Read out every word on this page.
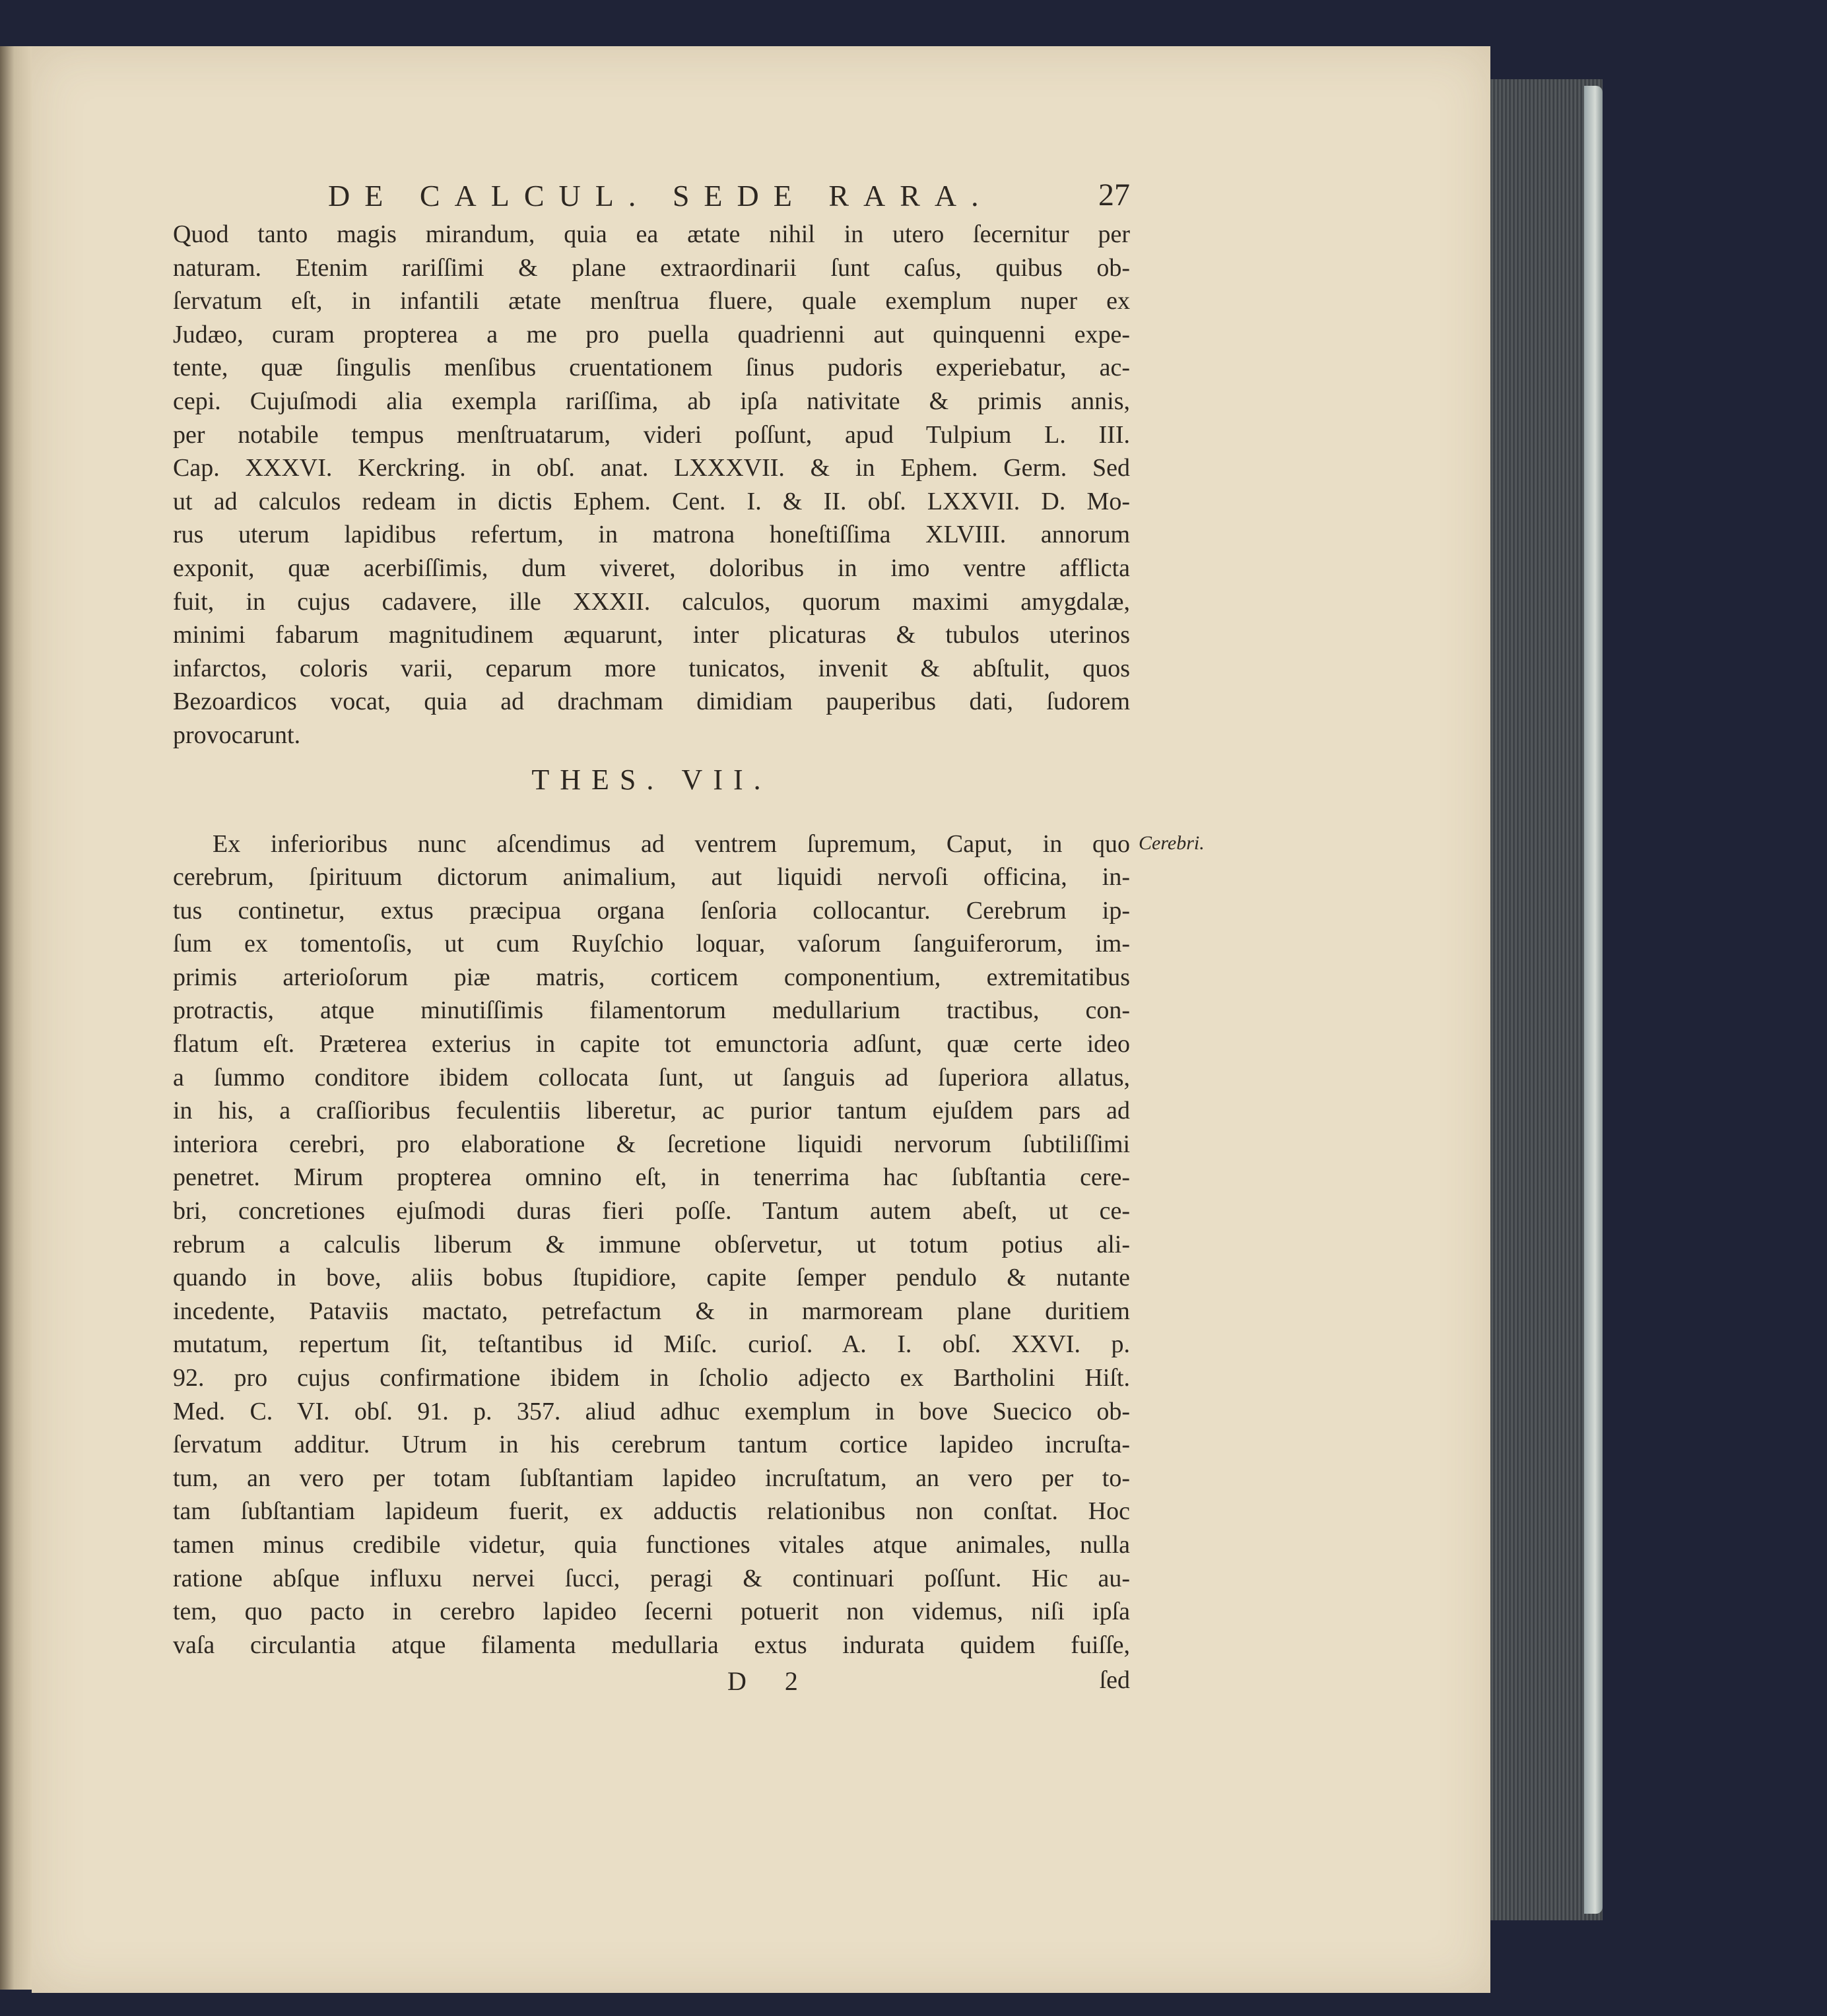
DE CALCUL. SEDE RARA.	27
Quod tanto magis mirandum, quia ea ætate nihil in utero ſecernitur per
naturam. Etenim rariſſimi & plane extraordinarii ſunt caſus, quibus ob-
ſervatum eſt, in infantili ætate menſtrua fluere, quale exemplum nuper ex
Judæo, curam propterea a me pro puella quadrienni aut quinquenni expe-
tente, quæ ſingulis menſibus cruentationem ſinus pudoris experiebatur, ac-
cepi. Cujuſmodi alia exempla rariſſima, ab ipſa nativitate & primis annis,
per notabile tempus menſtruatarum, videri poſſunt, apud Tulpium L. III.
Cap. XXXVI. Kerckring. in obſ. anat. LXXXVII. & in Ephem. Germ. Sed
ut ad calculos redeam in dictis Ephem. Cent. I. & II. obſ. LXXVII. D. Mo-
rus uterum lapidibus refertum, in matrona honeſtiſſima XLVIII. annorum
exponit, quæ acerbiſſimis, dum viveret, doloribus in imo ventre afflicta
fuit, in cujus cadavere, ille XXXII. calculos, quorum maximi amygdalæ,
minimi fabarum magnitudinem æquarunt, inter plicaturas & tubulos uterinos
infarctos, coloris varii, ceparum more tunicatos, invenit & abſtulit, quos
Bezoardicos vocat, quia ad drachmam dimidiam pauperibus dati, ſudorem
provocarunt.
THES. VII.
Ex inferioribus nunc aſcendimus ad ventrem ſupremum, Caput, in quo
cerebrum, ſpirituum dictorum animalium, aut liquidi nervoſi officina, in-
tus continetur, extus præcipua organa ſenſoria collocantur. Cerebrum ip-
ſum ex tomentoſis, ut cum Ruyſchio loquar, vaſorum ſanguiferorum, im-
primis arterioſorum piæ matris, corticem componentium, extremitatibus
protractis, atque minutiſſimis filamentorum medullarium tractibus, con-
flatum eſt. Præterea exterius in capite tot emunctoria adſunt, quæ certe ideo
a ſummo conditore ibidem collocata ſunt, ut ſanguis ad ſuperiora allatus,
in his, a craſſioribus feculentiis liberetur, ac purior tantum ejuſdem pars ad
interiora cerebri, pro elaboratione & ſecretione liquidi nervorum ſubtiliſſimi
penetret. Mirum propterea omnino eſt, in tenerrima hac ſubſtantia cere-
bri, concretiones ejuſmodi duras fieri poſſe. Tantum autem abeſt, ut ce-
rebrum a calculis liberum & immune obſervetur, ut totum potius ali-
quando in bove, aliis bobus ſtupidiore, capite ſemper pendulo & nutante
incedente, Pataviis mactato, petrefactum & in marmoream plane duritiem
mutatum, repertum ſit, teſtantibus id Miſc. curioſ. A. I. obſ. XXVI. p.
92. pro cujus confirmatione ibidem in ſcholio adjecto ex Bartholini Hiſt.
Med. C. VI. obſ. 91. p. 357. aliud adhuc exemplum in bove Suecico ob-
ſervatum additur. Utrum in his cerebrum tantum cortice lapideo incruſta-
tum, an vero per totam ſubſtantiam lapideo incruſtatum, an vero per to-
tam ſubſtantiam lapideum fuerit, ex adductis relationibus non conſtat. Hoc
tamen minus credibile videtur, quia functiones vitales atque animales, nulla
ratione abſque influxu nervei ſucci, peragi & continuari poſſunt. Hic au-
tem, quo pacto in cerebro lapideo ſecerni potuerit non videmus, niſi ipſa
vaſa circulantia atque filamenta medullaria extus indurata quidem fuiſſe,
D 2	ſed
Cerebri.
